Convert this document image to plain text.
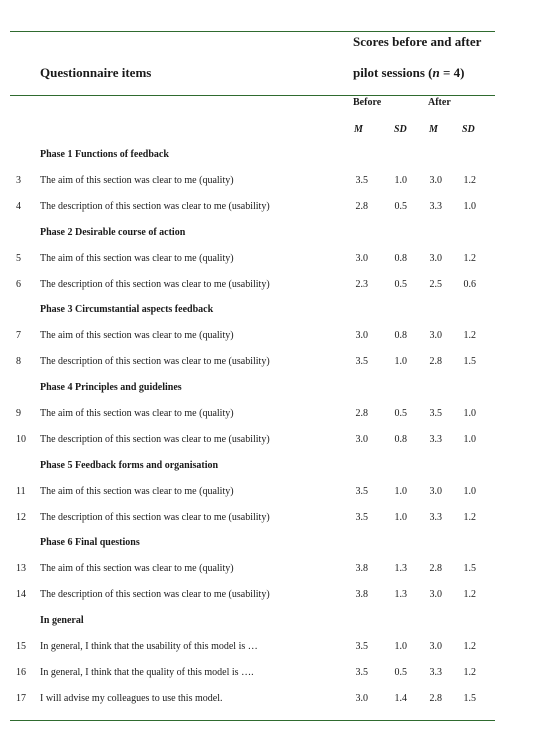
Scores before and after
Questionnaire items	pilot sessions (n = 4)
Before	After
M	SD M SD
Phase 1 Functions of feedback
3 The aim of this section was clear to me (quality)	3.5	1.0	3.0	1.2
4 The description of this section was clear to me (usability)	2.8	0.5	3.3	1.0
Phase 2 Desirable course of action
5 The aim of this section was clear to me (quality)	3.0	0.8	3.0	1.2
6 The description of this section was clear to me (usability)	2.3	0.5	2.5	0.6
Phase 3 Circumstantial aspects feedback
7 The aim of this section was clear to me (quality)	3.0	0.8	3.0	1.2
8 The description of this section was clear to me (usability)	3.5	1.0	2.8	1.5
Phase 4 Principles and guidelines
9 The aim of this section was clear to me (quality)	2.8	0.5	3.5	1.0
10 The description of this section was clear to me (usability)	3.0	0.8	3.3	1.0
Phase 5 Feedback forms and organisation
11 The aim of this section was clear to me (quality)	3.5	1.0	3.0	1.0
12 The description of this section was clear to me (usability)	3.5	1.0	3.3	1.2
Phase 6 Final questions
13 The aim of this section was clear to me (quality)	3.8	1.3	2.8	1.5
14 The description of this section was clear to me (usability)	3.8	1.3	3.0	1.2
In general
15 In general, I think that the usability of this model is …	3.5	1.0	3.0	1.2
16 In general, I think that the quality of this model is ….	3.5	0.5	3.3	1.2
17 I will advise my colleagues to use this model.	3.0	1.4	2.8	1.5
